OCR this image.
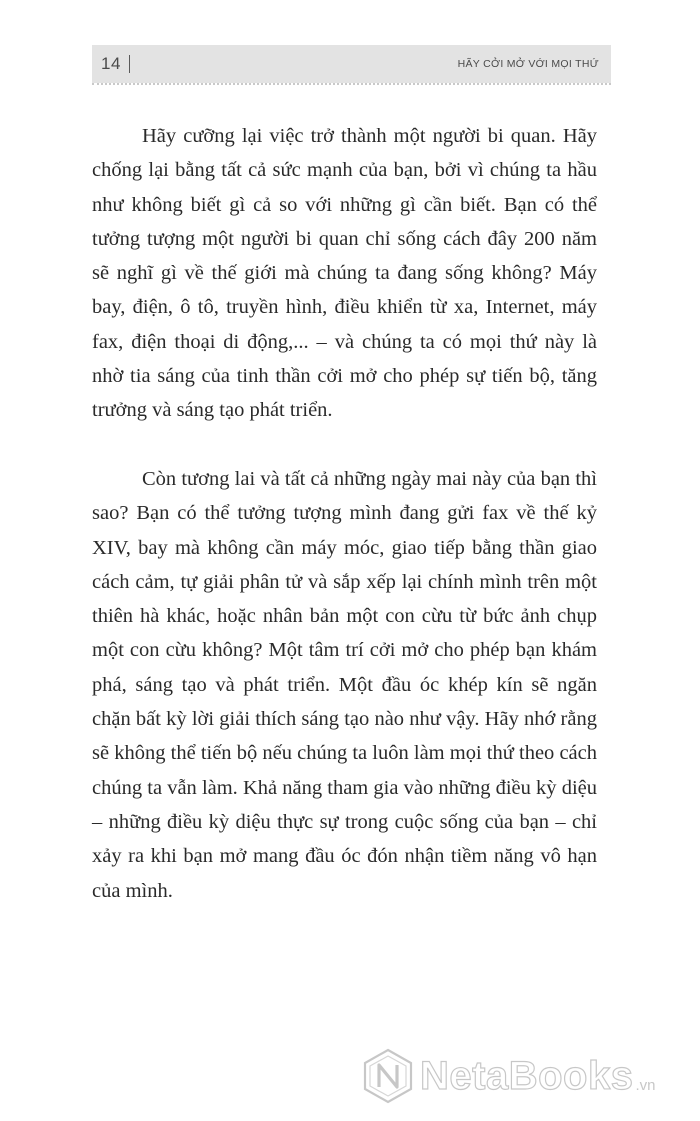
14	HÃY CỞI MỞ VỚI MỌI THỨ

Hãy cưỡng lại việc trở thành một người bi quan. Hãy chống lại bằng tất cả sức mạnh của bạn, bởi vì chúng ta hầu như không biết gì cả so với những gì cần biết. Bạn có thể tưởng tượng một người bi quan chỉ sống cách đây 200 năm sẽ nghĩ gì về thế giới mà chúng ta đang sống không? Máy bay, điện, ô tô, truyền hình, điều khiển từ xa, Internet, máy fax, điện thoại di động,... – và chúng ta có mọi thứ này là nhờ tia sáng của tinh thần cởi mở cho phép sự tiến bộ, tăng trưởng và sáng tạo phát triển.

Còn tương lai và tất cả những ngày mai này của bạn thì sao? Bạn có thể tưởng tượng mình đang gửi fax về thế kỷ XIV, bay mà không cần máy móc, giao tiếp bằng thần giao cách cảm, tự giải phân tử và sắp xếp lại chính mình trên một thiên hà khác, hoặc nhân bản một con cừu từ bức ảnh chụp một con cừu không? Một tâm trí cởi mở cho phép bạn khám phá, sáng tạo và phát triển. Một đầu óc khép kín sẽ ngăn chặn bất kỳ lời giải thích sáng tạo nào như vậy. Hãy nhớ rằng sẽ không thể tiến bộ nếu chúng ta luôn làm mọi thứ theo cách chúng ta vẫn làm. Khả năng tham gia vào những điều kỳ diệu – những điều kỳ diệu thực sự trong cuộc sống của bạn – chỉ xảy ra khi bạn mở mang đầu óc đón nhận tiềm năng vô hạn của mình.

NetaBooks .vn
